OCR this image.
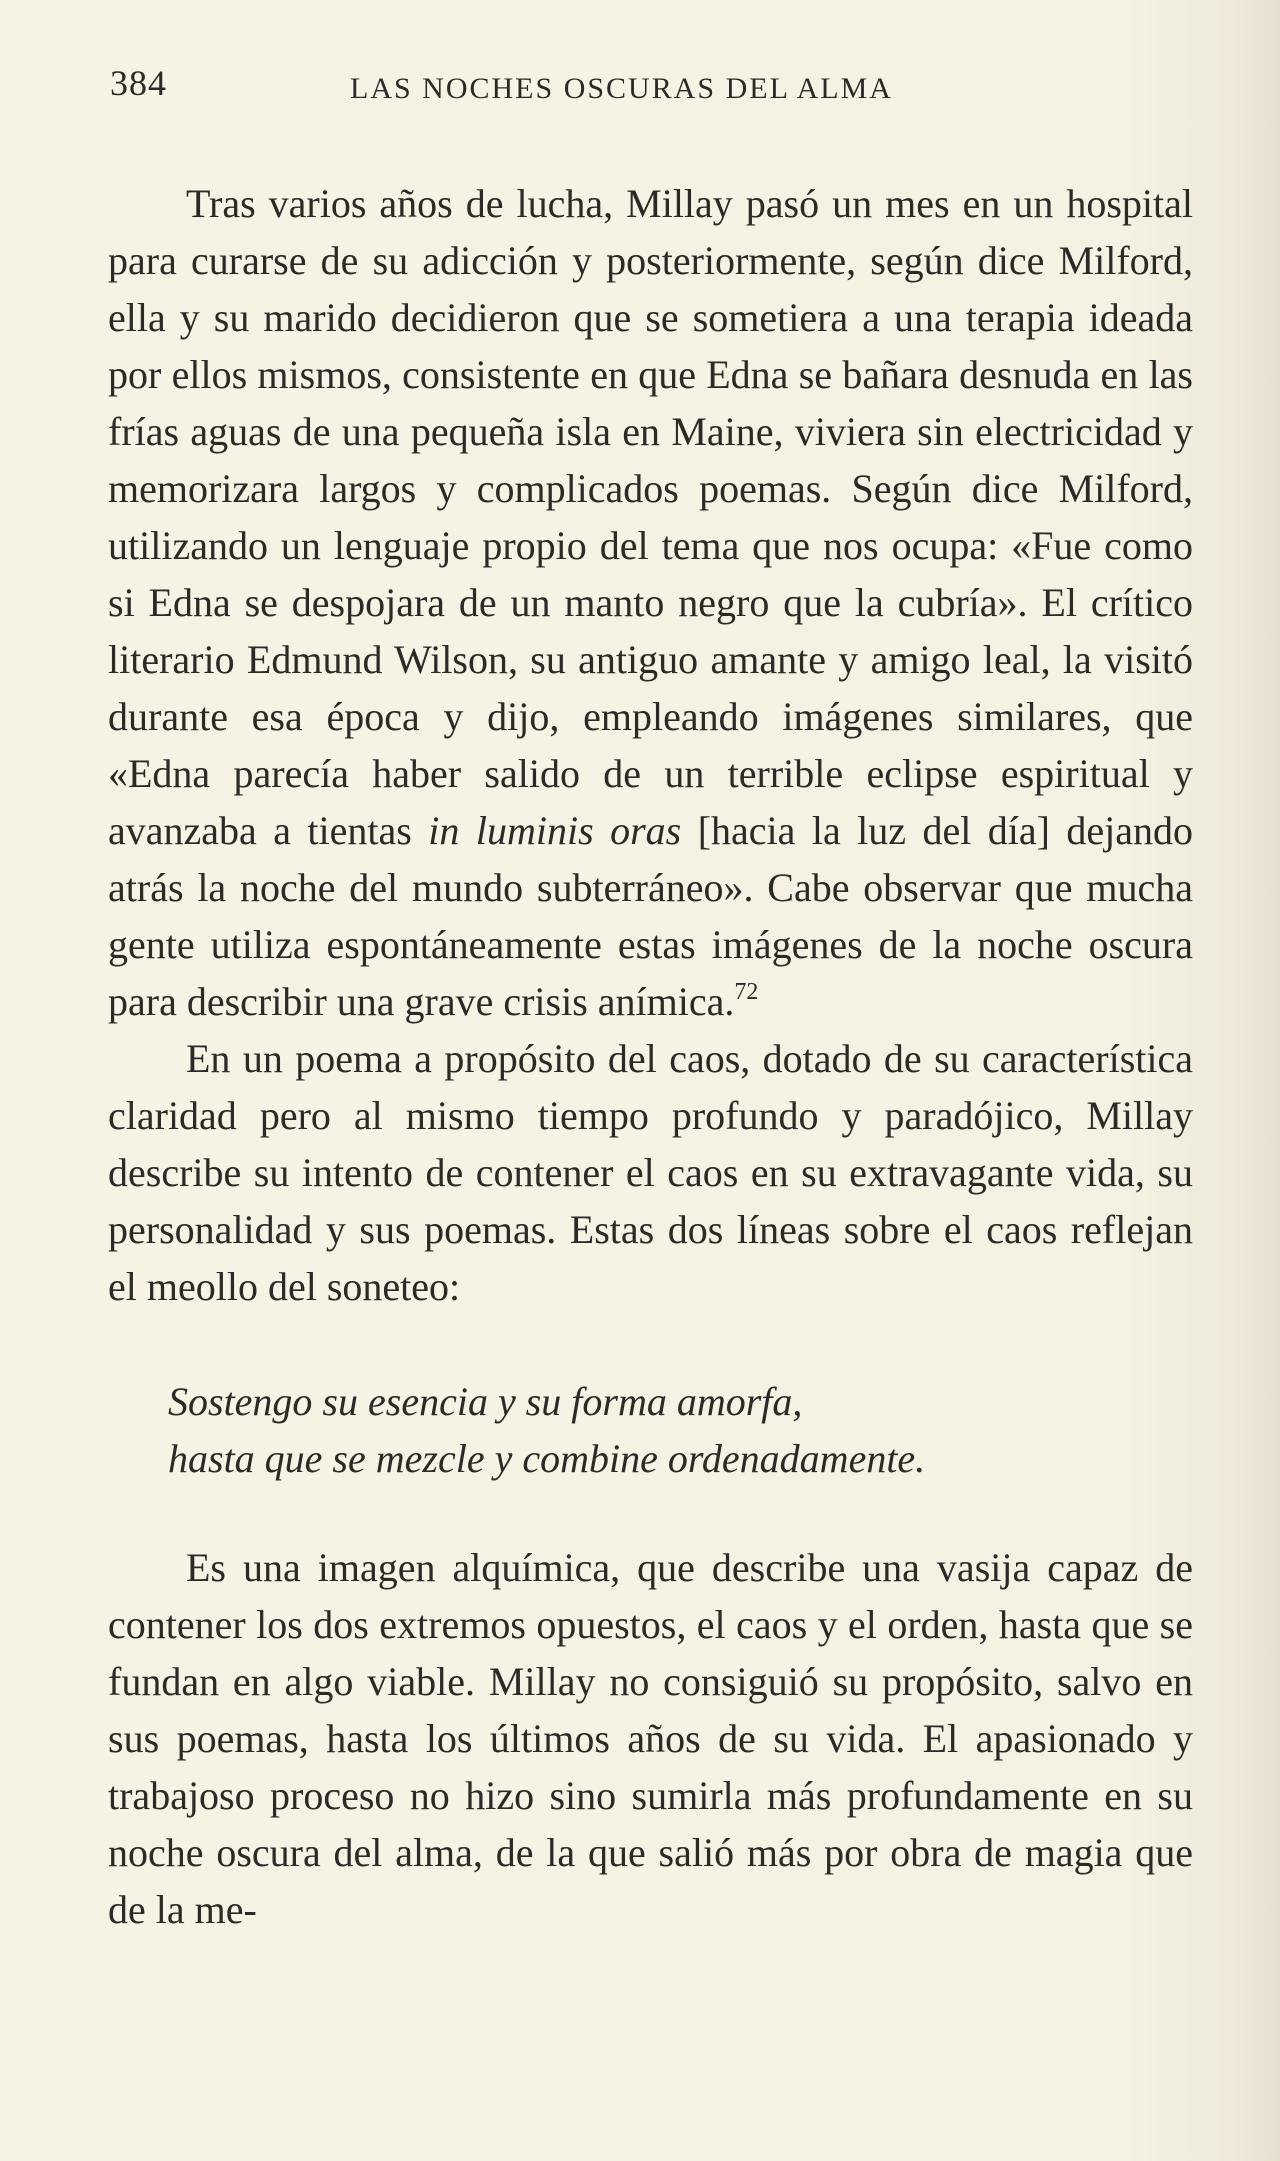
384	LAS NOCHES OSCURAS DEL ALMA

Tras varios años de lucha, Millay pasó un mes en un hospital para curarse de su adicción y posteriormente, según dice Milford, ella y su marido decidieron que se sometiera a una terapia ideada por ellos mismos, consistente en que Edna se bañara desnuda en las frías aguas de una pequeña isla en Maine, viviera sin electricidad y memorizara largos y complicados poemas. Según dice Milford, utilizando un lenguaje propio del tema que nos ocupa: «Fue como si Edna se despojara de un manto negro que la cubría». El crítico literario Edmund Wilson, su antiguo amante y amigo leal, la visitó durante esa época y dijo, empleando imágenes similares, que «Edna parecía haber salido de un terrible eclipse espiritual y avanzaba a tientas in luminis oras [hacia la luz del día] dejando atrás la noche del mundo subterráneo». Cabe observar que mucha gente utiliza espontáneamente estas imágenes de la noche oscura para describir una grave crisis anímica.$^{72}$

En un poema a propósito del caos, dotado de su característica claridad pero al mismo tiempo profundo y paradójico, Millay describe su intento de contener el caos en su extravagante vida, su personalidad y sus poemas. Estas dos líneas sobre el caos reflejan el meollo del soneteo:

Sostengo su esencia y su forma amorfa,
hasta que se mezcle y combine ordenadamente.

Es una imagen alquímica, que describe una vasija capaz de contener los dos extremos opuestos, el caos y el orden, hasta que se fundan en algo viable. Millay no consiguió su propósito, salvo en sus poemas, hasta los últimos años de su vida. El apasionado y trabajoso proceso no hizo sino sumirla más profundamente en su noche oscura del alma, de la que salió más por obra de magia que de la me-
